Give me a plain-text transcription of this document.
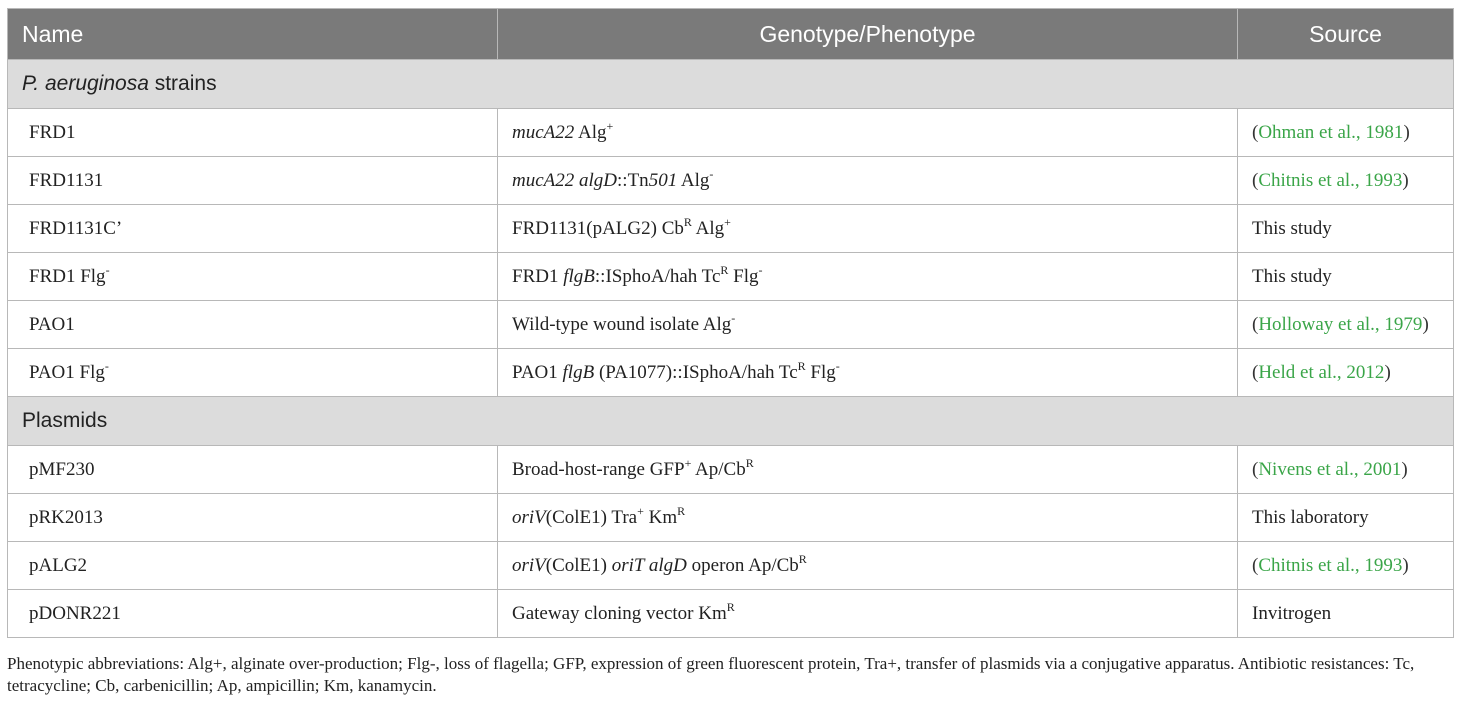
Name	Genotype/Phenotype	Source
P. aeruginosa strains		
FRD1	mucA22 Alg+	(Ohman et al., 1981)
FRD1131	mucA22 algD::Tn501 Alg-	(Chitnis et al., 1993)
FRD1131C’	FRD1131(pALG2) $Cb^R$ Alg+	This study
FRD1 Flg-	FRD1 flgB::ISphoA/hah $Tc^R$ Flg-	This study
PAO1	Wild-type wound isolate Alg-	(Holloway et al., 1979)
PAO1 Flg-	PAO1 flgB (PA1077)::ISphoA/hah $Tc^R$ Flg-	(Held et al., 2012)
Plasmids		
pMF230	Broad-host-range GFP+ $Ap/Cb^R$	(Nivens et al., 2001)
pRK2013	oriV(ColE1) Tra+ $Km^R$	This laboratory
pALG2	oriV(ColE1) oriT algD operon $Ap/Cb^R$	(Chitnis et al., 1993)
pDONR221	Gateway cloning vector $Km^R$	Invitrogen

Phenotypic abbreviations: Alg+, alginate over-production; Flg-, loss of flagella; GFP, expression of green fluorescent protein, Tra+, transfer of plasmids via a conjugative apparatus. Antibiotic resistances: Tc, tetracycline; Cb, carbenicillin; Ap, ampicillin; Km, kanamycin.
